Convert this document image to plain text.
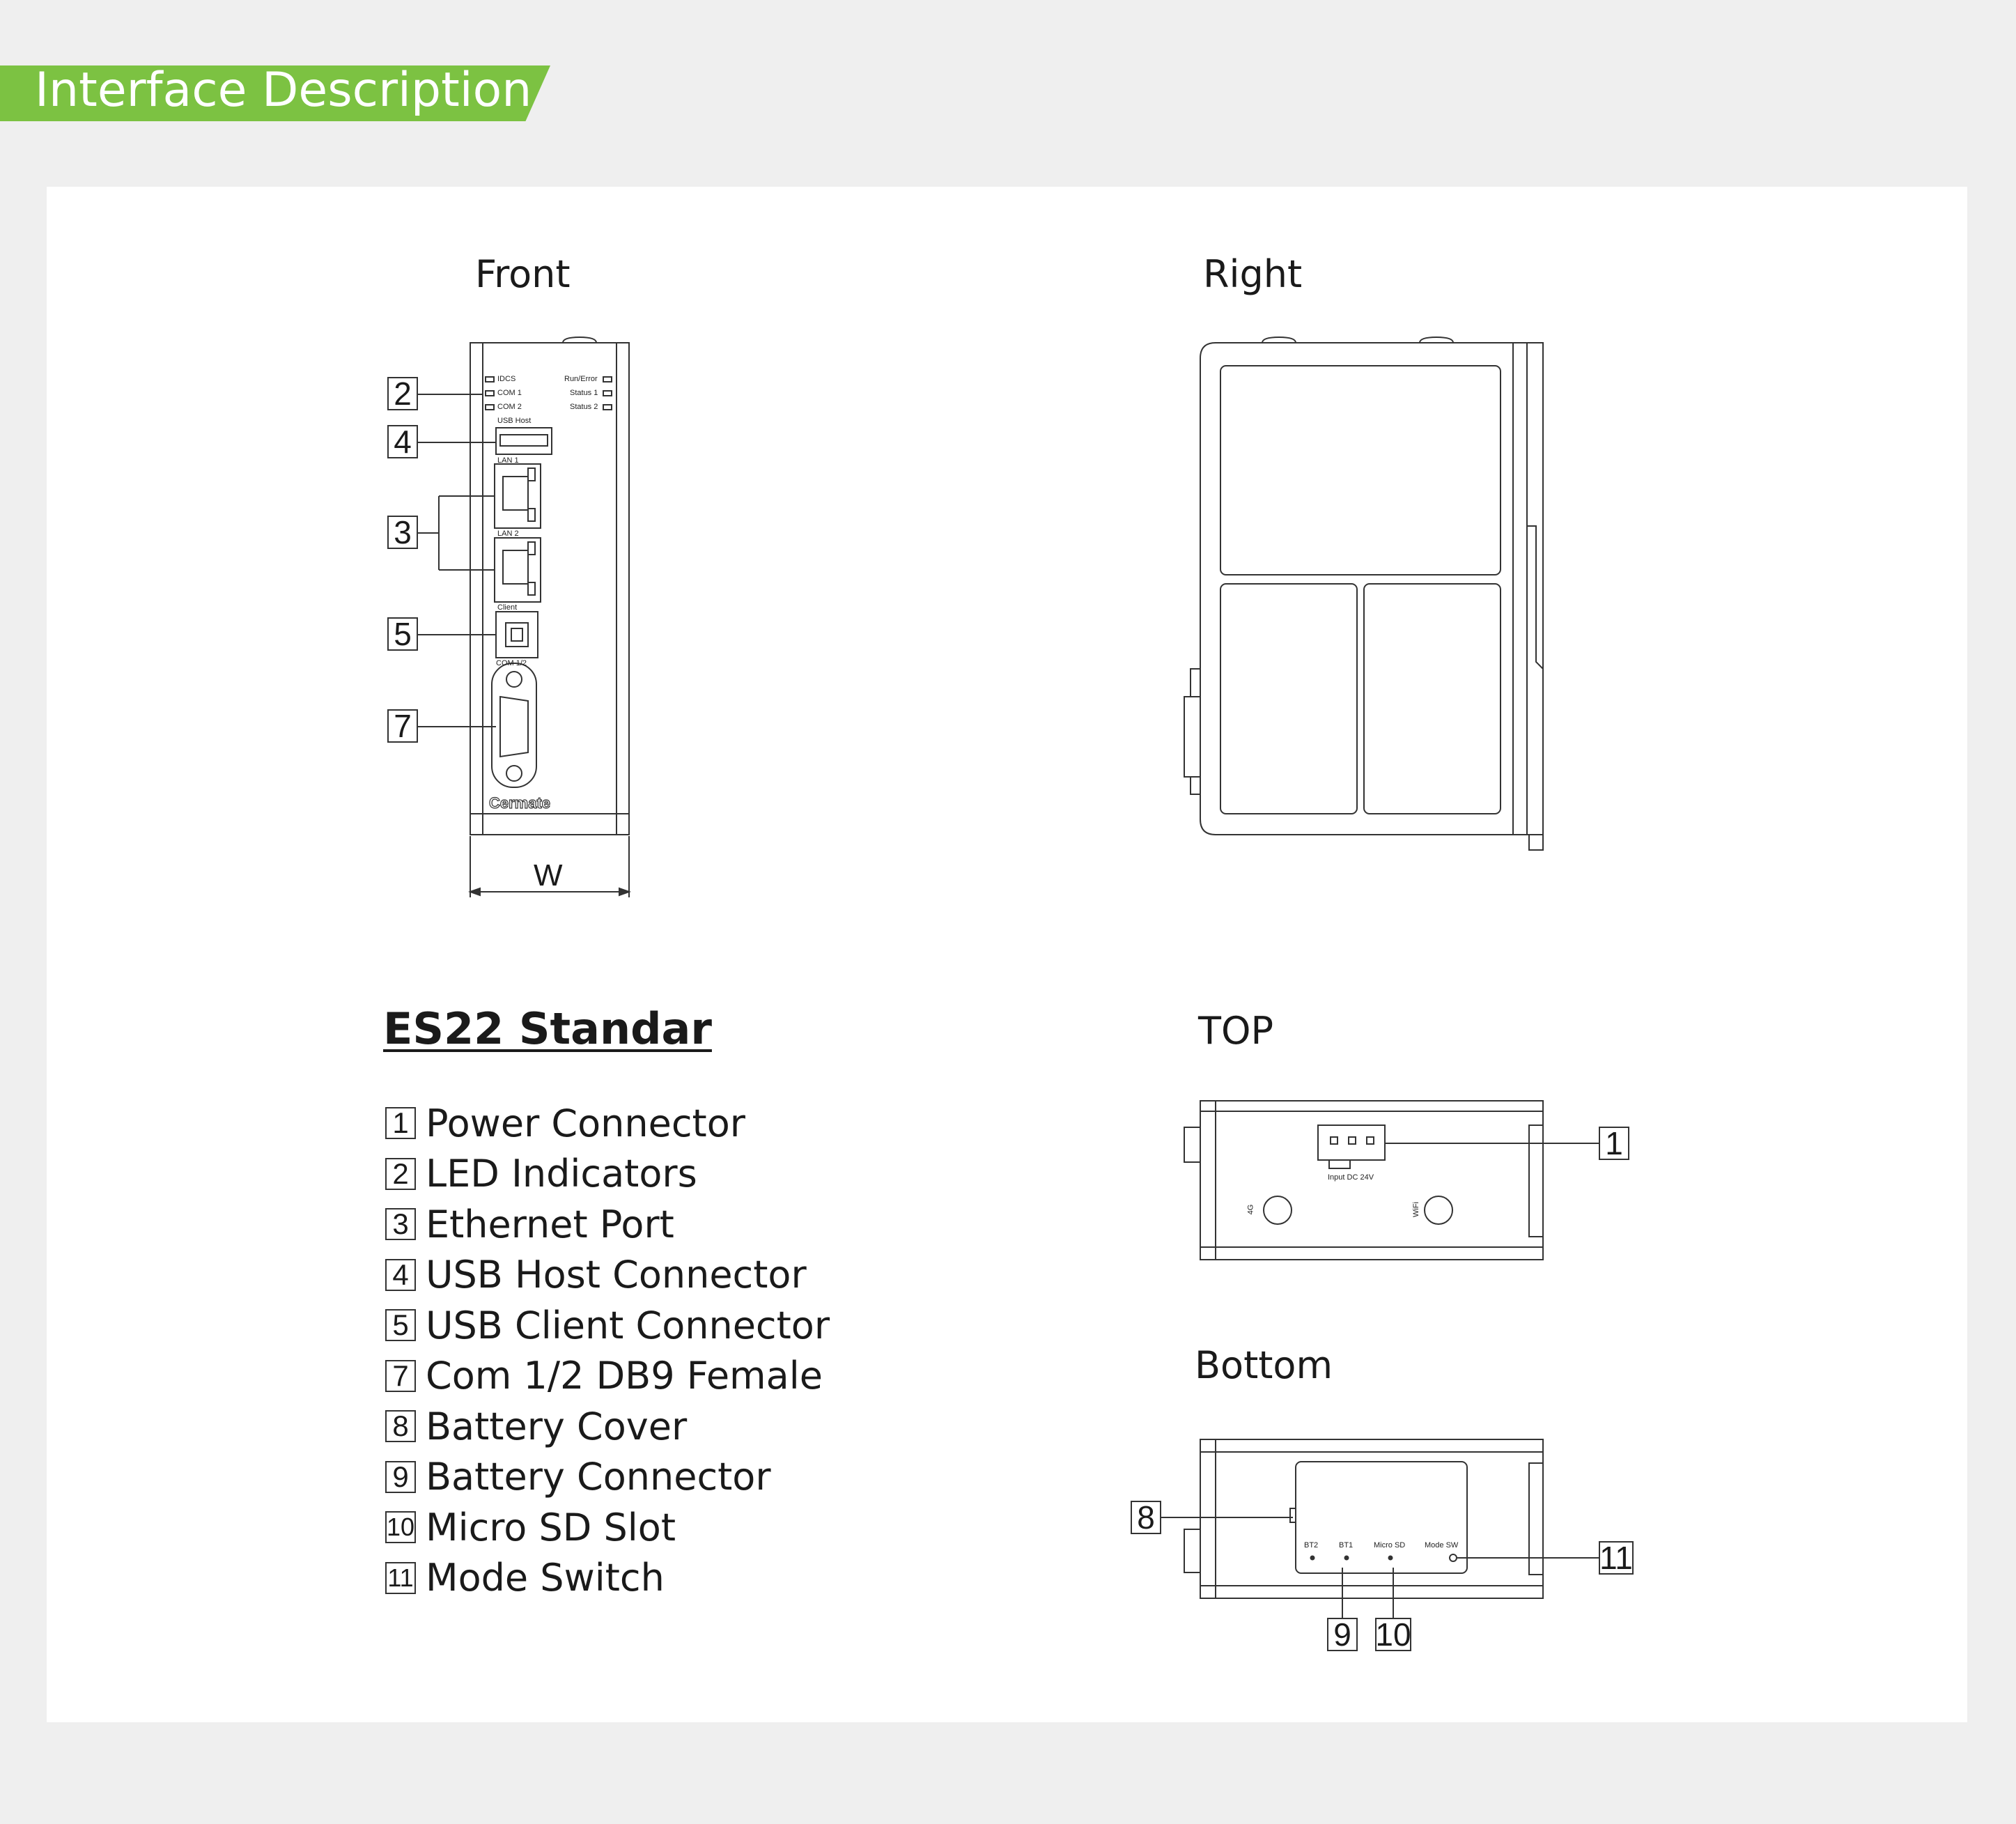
Interface Description
Front	Right
TOP
Bottom
IDCS
COM 1
COM 2
Run/Error
Status 1
Status 2
USB Host
LAN 1
LAN 2
Client
COM 1/2
Cermate
W
Input DC 24V
4G	WiFi
BT2	BT1	Micro SD	Mode SW
2
4
3
5
7
1
8
11
9 10
ES22 Standar
1 Power Connector
2 LED Indicators
3 Ethernet Port
4 USB Host Connector
5 USB Client Connector
7 Com 1/2 DB9 Female
8 Battery Cover
9 Battery Connector
10 Micro SD Slot
11 Mode Switch
